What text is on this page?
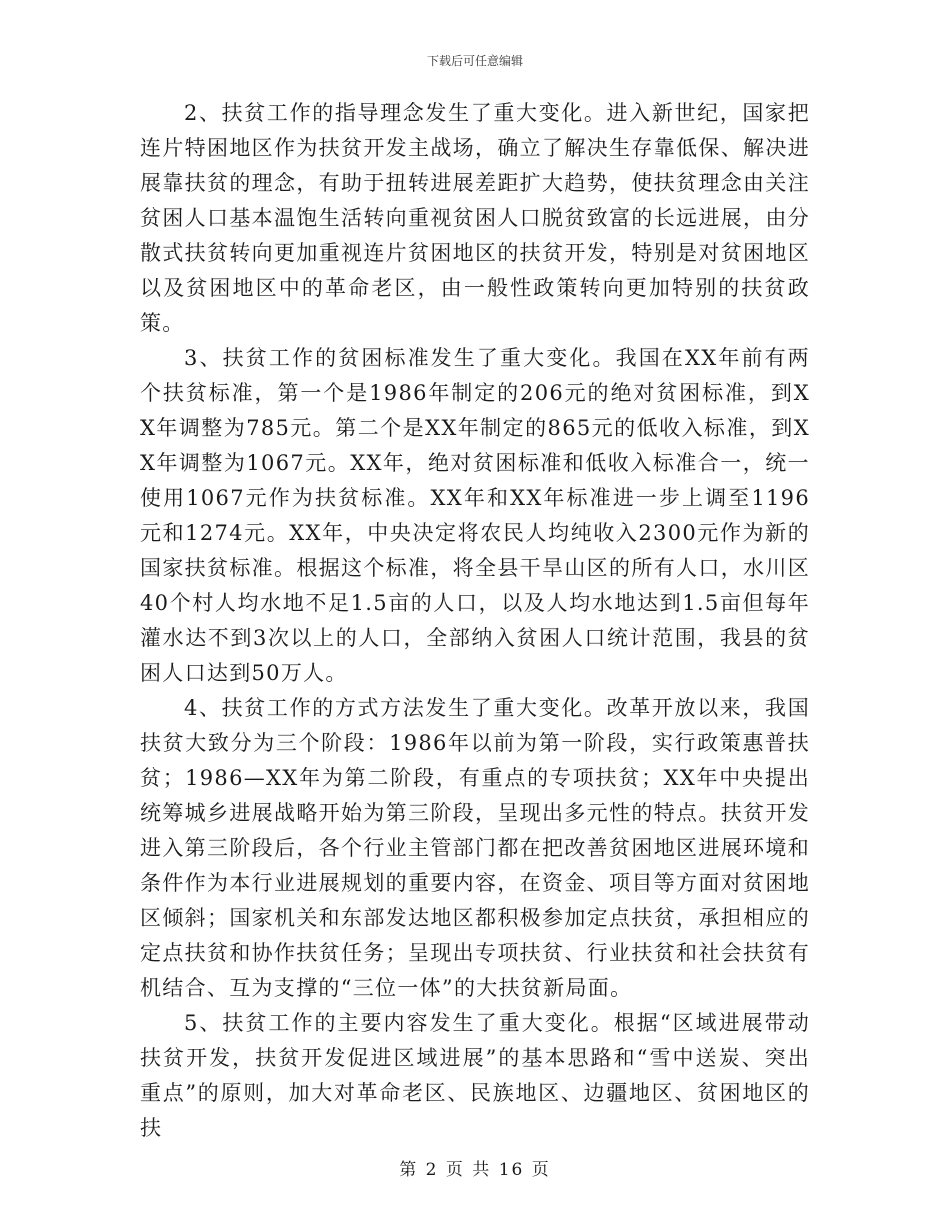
下载后可任意编辑

2、扶贫工作的指导理念发生了重大变化。进入新世纪，国家把连片特困地区作为扶贫开发主战场，确立了解决生存靠低保、解决进展靠扶贫的理念，有助于扭转进展差距扩大趋势，使扶贫理念由关注贫困人口基本温饱生活转向重视贫困人口脱贫致富的长远进展，由分散式扶贫转向更加重视连片贫困地区的扶贫开发，特别是对贫困地区以及贫困地区中的革命老区，由一般性政策转向更加特别的扶贫政策。

3、扶贫工作的贫困标准发生了重大变化。我国在XX年前有两个扶贫标准，第一个是1986年制定的206元的绝对贫困标准，到XX年调整为785元。第二个是XX年制定的865元的低收入标准，到XX年调整为1067元。XX年，绝对贫困标准和低收入标准合一，统一使用1067元作为扶贫标准。XX年和XX年标准进一步上调至1196元和1274元。XX年，中央决定将农民人均纯收入2300元作为新的国家扶贫标准。根据这个标准，将全县干旱山区的所有人口，水川区40个村人均水地不足1.5亩的人口，以及人均水地达到1.5亩但每年灌水达不到3次以上的人口，全部纳入贫困人口统计范围，我县的贫困人口达到50万人。

4、扶贫工作的方式方法发生了重大变化。改革开放以来，我国扶贫大致分为三个阶段：1986年以前为第一阶段，实行政策惠普扶贫；1986—XX年为第二阶段，有重点的专项扶贫；XX年中央提出统筹城乡进展战略开始为第三阶段，呈现出多元性的特点。扶贫开发进入第三阶段后，各个行业主管部门都在把改善贫困地区进展环境和条件作为本行业进展规划的重要内容，在资金、项目等方面对贫困地区倾斜；国家机关和东部发达地区都积极参加定点扶贫，承担相应的定点扶贫和协作扶贫任务；呈现出专项扶贫、行业扶贫和社会扶贫有机结合、互为支撑的“三位一体”的大扶贫新局面。

5、扶贫工作的主要内容发生了重大变化。根据“区域进展带动扶贫开发，扶贫开发促进区域进展”的基本思路和“雪中送炭、突出重点”的原则，加大对革命老区、民族地区、边疆地区、贫困地区的扶

第 2 页 共 16 页
